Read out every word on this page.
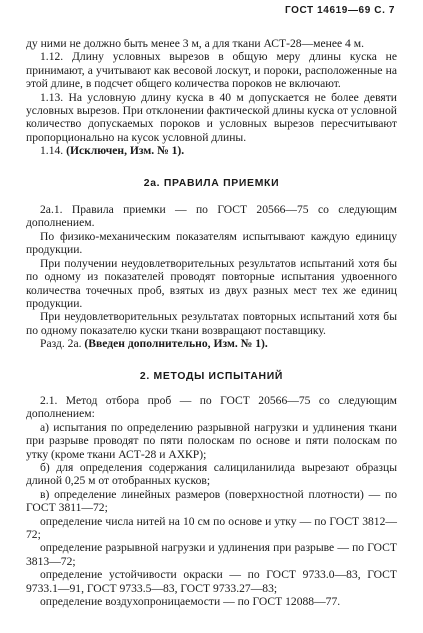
ГОСТ 14619—69 С. 7

ду ними не должно быть менее 3 м, а для ткани АСТ-28—менее 4 м.

1.12. Длину условных вырезов в общую меру длины куска не принимают, а учитывают как весовой лоскут, и пороки, расположенные на этой длине, в подсчет общего количества пороков не включают.

1.13. На условную длину куска в 40 м допускается не более девяти условных вырезов. При отклонении фактической длины куска от условной количество допускаемых пороков и условных вырезов пересчитывают пропорционально на кусок условной длины.

1.14. (Исключен, Изм. № 1).

2а. ПРАВИЛА ПРИЕМКИ

2а.1. Правила приемки — по ГОСТ 20566—75 со следующим дополнением.

По физико-механическим показателям испытывают каждую единицу продукции.

При получении неудовлетворительных результатов испытаний хотя бы по одному из показателей проводят повторные испытания удвоенного количества точечных проб, взятых из двух разных мест тех же единиц продукции.

При неудовлетворительных результатах повторных испытаний хотя бы по одному показателю куски ткани возвращают поставщику.

Разд. 2а. (Введен дополнительно, Изм. № 1).

2. МЕТОДЫ ИСПЫТАНИЙ

2.1. Метод отбора проб — по ГОСТ 20566—75 со следующим дополнением:

а) испытания по определению разрывной нагрузки и удлинения ткани при разрыве проводят по пяти полоскам по основе и пяти полоскам по утку (кроме ткани АСТ-28 и АХКР);

б) для определения содержания салициланилида вырезают образцы длиной 0,25 м от отобранных кусков;

в) определение линейных размеров (поверхностной плотности) — по ГОСТ 3811—72;

определение числа нитей на 10 см по основе и утку — по ГОСТ 3812—72;

определение разрывной нагрузки и удлинения при разрыве — по ГОСТ 3813—72;

определение устойчивости окраски — по ГОСТ 9733.0—83, ГОСТ 9733.1—91, ГОСТ 9733.5—83, ГОСТ 9733.27—83;

определение воздухопроницаемости — по ГОСТ 12088—77.
